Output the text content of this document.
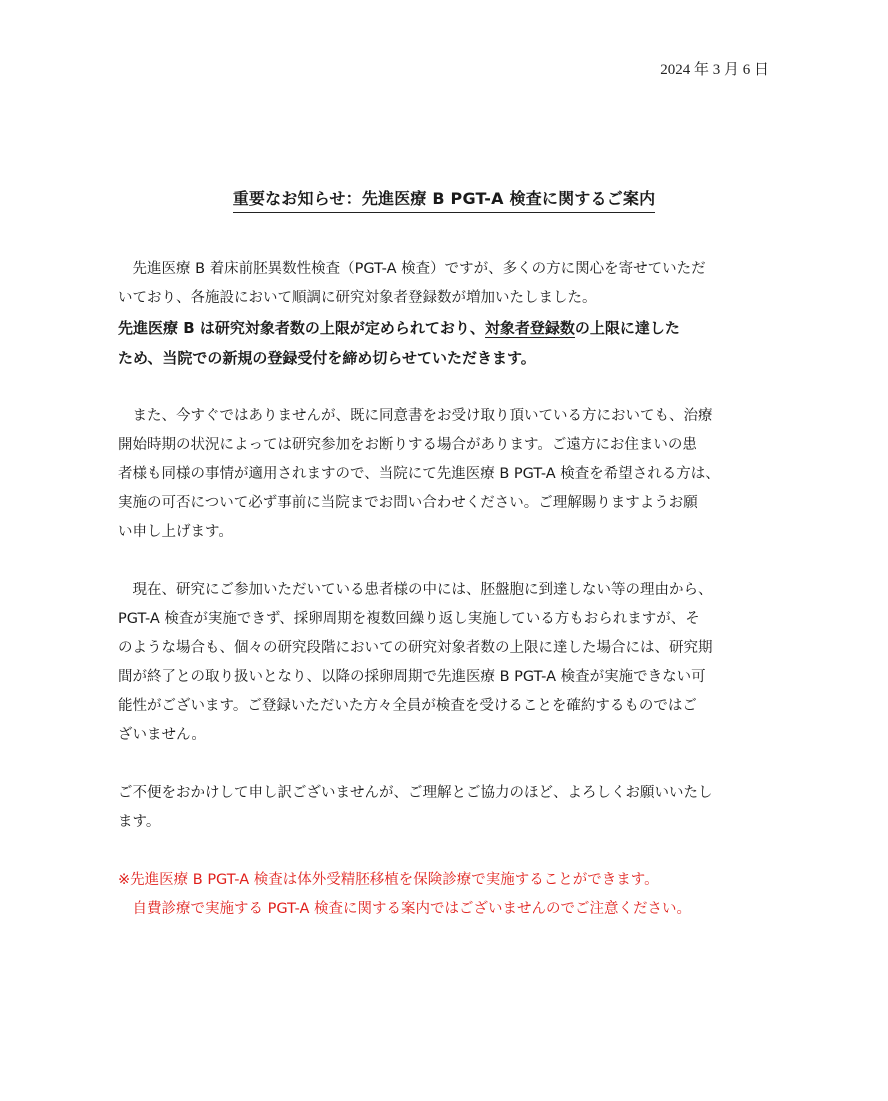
2024 年 3 月 6 日
重要なお知らせ：先進医療 B PGT-A 検査に関するご案内

先進医療 B 着床前胚異数性検査（PGT-A 検査）ですが、多くの方に関心を寄せていただ

いており、各施設において順調に研究対象者登録数が増加いたしました。

先進医療 B は研究対象者数の上限が定められており、対象者登録数の上限に達した

ため、当院での新規の登録受付を締め切らせていただきます。

また、今すぐではありませんが、既に同意書をお受け取り頂いている方においても、治療

開始時期の状況によっては研究参加をお断りする場合があります。ご遠方にお住まいの患

者様も同様の事情が適用されますので、当院にて先進医療 B PGT-A 検査を希望される方は、

実施の可否について必ず事前に当院までお問い合わせください。ご理解賜りますようお願

い申し上げます。

現在、研究にご参加いただいている患者様の中には、胚盤胞に到達しない等の理由から、

PGT-A 検査が実施できず、採卵周期を複数回繰り返し実施している方もおられますが、そ

のような場合も、個々の研究段階においての研究対象者数の上限に達した場合には、研究期

間が終了との取り扱いとなり、以降の採卵周期で先進医療 B PGT-A 検査が実施できない可

能性がございます。ご登録いただいた方々全員が検査を受けることを確約するものではご

ざいません。

ご不便をおかけして申し訳ございませんが、ご理解とご協力のほど、よろしくお願いいたし

ます。

※先進医療 B PGT-A 検査は体外受精胚移植を保険診療で実施することができます。

自費診療で実施する PGT-A 検査に関する案内ではございませんのでご注意ください。
